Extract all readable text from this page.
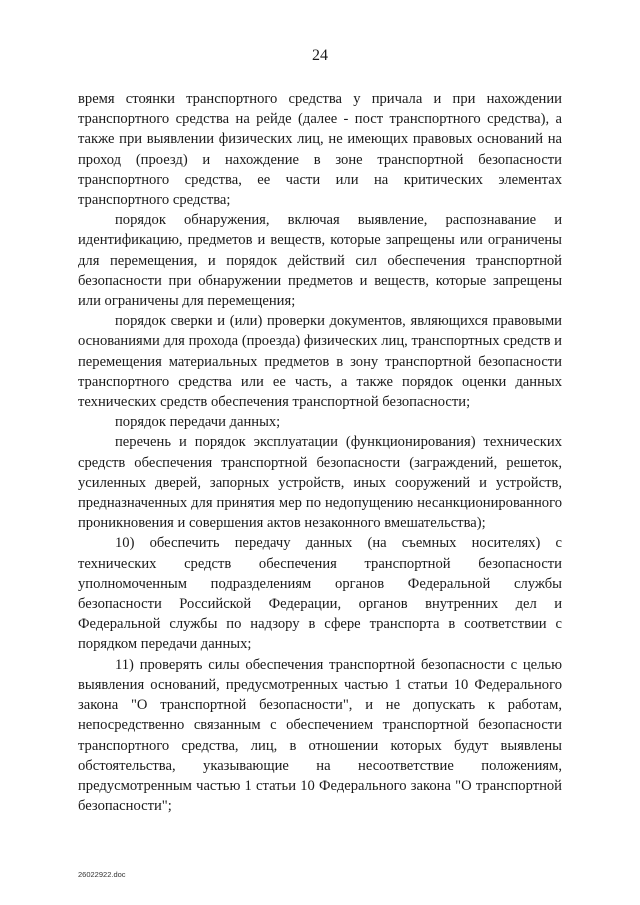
24

время стоянки транспортного средства у причала и при нахождении транспортного средства на рейде (далее - пост транспортного средства), а также при выявлении физических лиц, не имеющих правовых оснований на проход (проезд) и нахождение в зоне транспортной безопасности транспортного средства, ее части или на критических элементах транспортного средства;

порядок обнаружения, включая выявление, распознавание и идентификацию, предметов и веществ, которые запрещены или ограничены для перемещения, и порядок действий сил обеспечения транспортной безопасности при обнаружении предметов и веществ, которые запрещены или ограничены для перемещения;

порядок сверки и (или) проверки документов, являющихся правовыми основаниями для прохода (проезда) физических лиц, транспортных средств и перемещения материальных предметов в зону транспортной безопасности транспортного средства или ее часть, а также порядок оценки данных технических средств обеспечения транспортной безопасности;

порядок передачи данных;

перечень и порядок эксплуатации (функционирования) технических средств обеспечения транспортной безопасности (заграждений, решеток, усиленных дверей, запорных устройств, иных сооружений и устройств, предназначенных для принятия мер по недопущению несанкционированного проникновения и совершения актов незаконного вмешательства);

10) обеспечить передачу данных (на съемных носителях) с технических средств обеспечения транспортной безопасности уполномоченным подразделениям органов Федеральной службы безопасности Российской Федерации, органов внутренних дел и Федеральной службы по надзору в сфере транспорта в соответствии с порядком передачи данных;

11) проверять силы обеспечения транспортной безопасности с целью выявления оснований, предусмотренных частью 1 статьи 10 Федерального закона "О транспортной безопасности", и не допускать к работам, непосредственно связанным с обеспечением транспортной безопасности транспортного средства, лиц, в отношении которых будут выявлены обстоятельства, указывающие на несоответствие положениям, предусмотренным частью 1 статьи 10 Федерального закона "О транспортной безопасности";

26022922.doc
